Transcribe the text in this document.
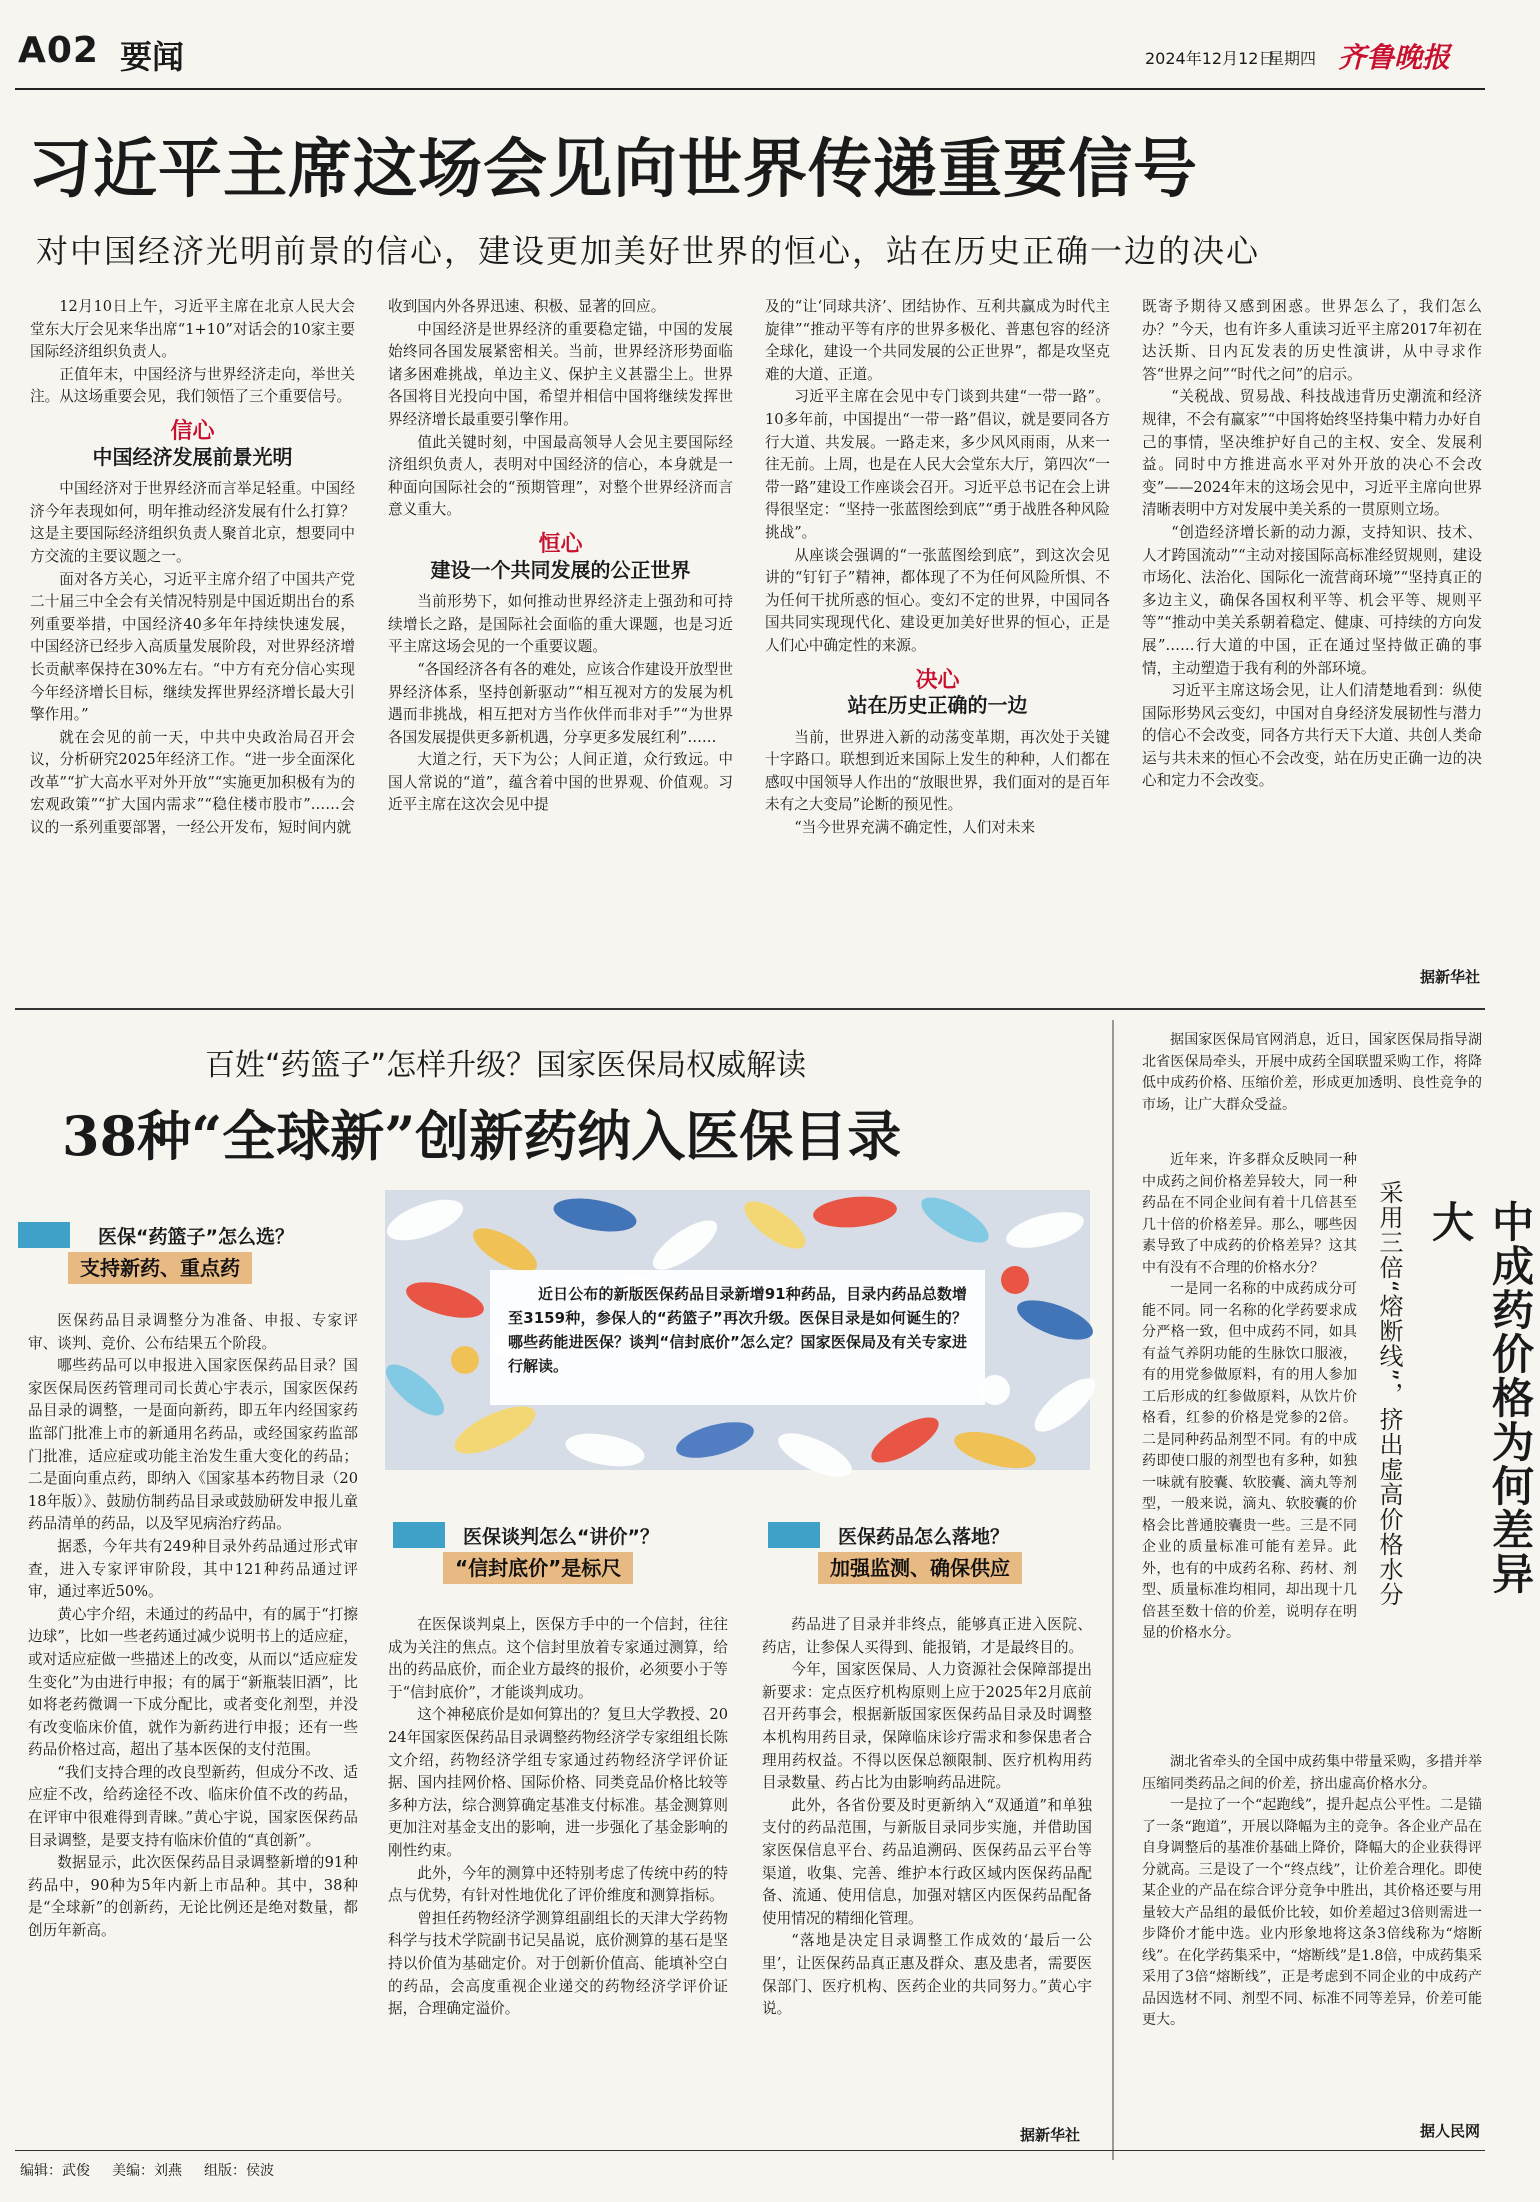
A02 要闻	2024年12月12日
星期四 齐鲁晚报
习近平主席这场会见向世界传递重要信号
对中国经济光明前景的信心，建设更加美好世界的恒心，站在历史正确一边的决心

12月10日上午，习近平主席在北京人民大会堂东大厅会见来华出席“1+10”对话会的10家主要国际经济组织负责人。

正值年末，中国经济与世界经济走向，举世关注。从这场重要会见，我们领悟了三个重要信号。

信心
中国经济发展前景光明

中国经济对于世界经济而言举足轻重。中国经济今年表现如何，明年推动经济发展有什么打算？这是主要国际经济组织负责人聚首北京，想要同中方交流的主要议题之一。

面对各方关心，习近平主席介绍了中国共产党二十届三中全会有关情况特别是中国近期出台的系列重要举措，中国经济40多年年持续快速发展，中国经济已经步入高质量发展阶段，对世界经济增长贡献率保持在30%左右。“中方有充分信心实现今年经济增长目标，继续发挥世界经济增长最大引擎作用。”

就在会见的前一天，中共中央政治局召开会议，分析研究2025年经济工作。“进一步全面深化改革”“扩大高水平对外开放”“实施更加积极有为的宏观政策”“扩大国内需求”“稳住楼市股市”……会议的一系列重要部署，一经公开发布，短时间内就

收到国内外各界迅速、积极、显著的回应。

中国经济是世界经济的重要稳定锚，中国的发展始终同各国发展紧密相关。当前，世界经济形势面临诸多困难挑战，单边主义、保护主义甚嚣尘上。世界各国将目光投向中国，希望并相信中国将继续发挥世界经济增长最重要引擎作用。

值此关键时刻，中国最高领导人会见主要国际经济组织负责人，表明对中国经济的信心，本身就是一种面向国际社会的“预期管理”，对整个世界经济而言意义重大。

恒心
建设一个共同发展的公正世界

当前形势下，如何推动世界经济走上强劲和可持续增长之路，是国际社会面临的重大课题，也是习近平主席这场会见的一个重要议题。

“各国经济各有各的难处，应该合作建设开放型世界经济体系，坚持创新驱动”“相互视对方的发展为机遇而非挑战，相互把对方当作伙伴而非对手”“为世界各国发展提供更多新机遇，分享更多发展红利”……

大道之行，天下为公；人间正道，众行致远。中国人常说的“道”，蕴含着中国的世界观、价值观。习近平主席在这次会见中提

及的“让‘同球共济’、团结协作、互利共赢成为时代主旋律”“推动平等有序的世界多极化、普惠包容的经济全球化，建设一个共同发展的公正世界”，都是攻坚克难的大道、正道。

习近平主席在会见中专门谈到共建“一带一路”。10多年前，中国提出“一带一路”倡议，就是要同各方行大道、共发展。一路走来，多少风风雨雨，从来一往无前。上周，也是在人民大会堂东大厅，第四次“一带一路”建设工作座谈会召开。习近平总书记在会上讲得很坚定：“坚持一张蓝图绘到底”“勇于战胜各种风险挑战”。

从座谈会强调的“一张蓝图绘到底”，到这次会见讲的“钉钉子”精神，都体现了不为任何风险所惧、不为任何干扰所惑的恒心。变幻不定的世界，中国同各国共同实现现代化、建设更加美好世界的恒心，正是人们心中确定性的来源。

决心
站在历史正确的一边

当前，世界进入新的动荡变革期，再次处于关键十字路口。联想到近来国际上发生的种种，人们都在感叹中国领导人作出的“放眼世界，我们面对的是百年未有之大变局”论断的预见性。

“当今世界充满不确定性，人们对未来

既寄予期待又感到困惑。世界怎么了，我们怎么办？”今天，也有许多人重读习近平主席2017年初在达沃斯、日内瓦发表的历史性演讲，从中寻求作答“世界之问”“时代之问”的启示。

“关税战、贸易战、科技战违背历史潮流和经济规律，不会有赢家”“中国将始终坚持集中精力办好自己的事情，坚决维护好自己的主权、安全、发展利益。同时中方推进高水平对外开放的决心不会改变”——2024年末的这场会见中，习近平主席向世界清晰表明中方对发展中美关系的一贯原则立场。

“创造经济增长新的动力源，支持知识、技术、人才跨国流动”“主动对接国际高标准经贸规则，建设市场化、法治化、国际化一流营商环境”“坚持真正的多边主义，确保各国权利平等、机会平等、规则平等”“推动中美关系朝着稳定、健康、可持续的方向发展”……行大道的中国，正在通过坚持做正确的事情，主动塑造于我有利的外部环境。

习近平主席这场会见，让人们清楚地看到：纵使国际形势风云变幻，中国对自身经济发展韧性与潜力的信心不会改变，同各方共行天下大道、共创人类命运与共未来的恒心不会改变，站在历史正确一边的决心和定力不会改变。

据新华社
百姓“药篮子”怎样升级？国家医保局权威解读
38种“全球新”创新药纳入医保目录
近日公布的新版医保药品目录新增91种药品，目录内药品总数增至3159种，参保人的“药篮子”再次升级。医保目录是如何诞生的？哪些药能进医保？谈判“信封底价”怎么定？国家医保局及有关专家进行解读。
医保“药篮子”怎么选？
支持新药、重点药

医保药品目录调整分为准备、申报、专家评审、谈判、竞价、公布结果五个阶段。

哪些药品可以申报进入国家医保药品目录？国家医保局医药管理司司长黄心宇表示，国家医保药品目录的调整，一是面向新药，即五年内经国家药监部门批准上市的新通用名药品，或经国家药监部门批准，适应症或功能主治发生重大变化的药品；二是面向重点药，即纳入《国家基本药物目录（2018年版）》、鼓励仿制药品目录或鼓励研发申报儿童药品清单的药品，以及罕见病治疗药品。

据悉，今年共有249种目录外药品通过形式审查，进入专家评审阶段，其中121种药品通过评审，通过率近50%。

黄心宇介绍，未通过的药品中，有的属于“打擦边球”，比如一些老药通过减少说明书上的适应症，或对适应症做一些描述上的改变，从而以“适应症发生变化”为由进行申报；有的属于“新瓶装旧酒”，比如将老药微调一下成分配比，或者变化剂型，并没有改变临床价值，就作为新药进行申报；还有一些药品价格过高，超出了基本医保的支付范围。

“我们支持合理的改良型新药，但成分不改、适应症不改，给药途径不改、临床价值不改的药品，在评审中很难得到青睐。”黄心宇说，国家医保药品目录调整，是要支持有临床价值的“真创新”。

数据显示，此次医保药品目录调整新增的91种药品中，90种为5年内新上市品种。其中，38种是“全球新”的创新药，无论比例还是绝对数量，都创历年新高。

医保谈判怎么“讲价”？
“信封底价”是标尺

在医保谈判桌上，医保方手中的一个信封，往往成为关注的焦点。这个信封里放着专家通过测算，给出的药品底价，而企业方最终的报价，必须要小于等于“信封底价”，才能谈判成功。

这个神秘底价是如何算出的？复旦大学教授、2024年国家医保药品目录调整药物经济学专家组组长陈文介绍，药物经济学组专家通过药物经济学评价证据、国内挂网价格、国际价格、同类竞品价格比较等多种方法，综合测算确定基准支付标准。基金测算则更加注对基金支出的影响，进一步强化了基金影响的刚性约束。

此外，今年的测算中还特别考虑了传统中药的特点与优势，有针对性地优化了评价维度和测算指标。

曾担任药物经济学测算组副组长的天津大学药物科学与技术学院副书记吴晶说，底价测算的基石是坚持以价值为基础定价。对于创新价值高、能填补空白的药品，会高度重视企业递交的药物经济学评价证据，合理确定溢价。

医保药品怎么落地？
加强监测、确保供应

药品进了目录并非终点，能够真正进入医院、药店，让参保人买得到、能报销，才是最终目的。

今年，国家医保局、人力资源社会保障部提出新要求：定点医疗机构原则上应于2025年2月底前召开药事会，根据新版国家医保药品目录及时调整本机构用药目录，保障临床诊疗需求和参保患者合理用药权益。不得以医保总额限制、医疗机构用药目录数量、药占比为由影响药品进院。

此外，各省份要及时更新纳入“双通道”和单独支付的药品范围，与新版目录同步实施，并借助国家医保信息平台、药品追溯码、医保药品云平台等渠道，收集、完善、维护本行政区域内医保药品配备、流通、使用信息，加强对辖区内医保药品配备使用情况的精细化管理。

“落地是决定目录调整工作成效的‘最后一公里’，让医保药品真正惠及群众、惠及患者，需要医保部门、医疗机构、医药企业的共同努力。”黄心宇说。

据新华社

据国家医保局官网消息，近日，国家医保局指导湖北省医保局牵头，开展中成药全国联盟采购工作，将降低中成药价格、压缩价差，形成更加透明、良性竞争的市场，让广大群众受益。

中成药价格为何差异大
采用三倍“熔断线”，挤出虚高价格水分

近年来，许多群众反映同一种中成药之间价格差异较大，同一种药品在不同企业间有着十几倍甚至几十倍的价格差异。那么，哪些因素导致了中成药的价格差异？这其中有没有不合理的价格水分？

一是同一名称的中成药成分可能不同。同一名称的化学药要求成分严格一致，但中成药不同，如具有益气养阴功能的生脉饮口服液，有的用党参做原料，有的用人参加工后形成的红参做原料，从饮片价格看，红参的价格是党参的2倍。二是同种药品剂型不同。有的中成药即使口服的剂型也有多种，如独一味就有胶囊、软胶囊、滴丸等剂型，一般来说，滴丸、软胶囊的价格会比普通胶囊贵一些。三是不同企业的质量标准可能有差异。此外，也有的中成药名称、药材、剂型、质量标准均相同，却出现十几倍甚至数十倍的价差，说明存在明显的价格水分。

湖北省牵头的全国中成药集中带量采购，多措并举压缩同类药品之间的价差，挤出虚高价格水分。

一是拉了一个“起跑线”，提升起点公平性。二是锚了一条“跑道”，开展以降幅为主的竞争。各企业产品在自身调整后的基准价基础上降价，降幅大的企业获得评分就高。三是设了一个“终点线”，让价差合理化。即使某企业的产品在综合评分竞争中胜出，其价格还要与用量较大产品组的最低价比较，如价差超过3倍则需进一步降价才能中选。业内形象地将这条3倍线称为“熔断线”。在化学药集采中，“熔断线”是1.8倍，中成药集采采用了3倍“熔断线”，正是考虑到不同企业的中成药产品因选材不同、剂型不同、标准不同等差异，价差可能更大。

据人民网
编辑：武俊 美编：刘燕 组版：侯波
